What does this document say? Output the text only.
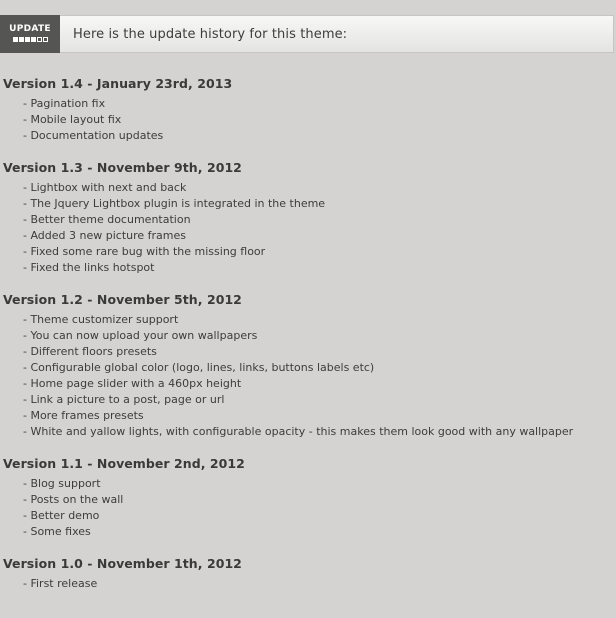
UPDATE	Here is the update history for this theme:
Version 1.4 - January 23rd, 2013
- Pagination fix
- Mobile layout fix
- Documentation updates
Version 1.3 - November 9th, 2012
- Lightbox with next and back
- The Jquery Lightbox plugin is integrated in the theme
- Better theme documentation
- Added 3 new picture frames
- Fixed some rare bug with the missing floor
- Fixed the links hotspot
Version 1.2 - November 5th, 2012
- Theme customizer support
- You can now upload your own wallpapers
- Different floors presets
- Configurable global color (logo, lines, links, buttons labels etc)
- Home page slider with a 460px height
- Link a picture to a post, page or url
- More frames presets
- White and yallow lights, with configurable opacity - this makes them look good with any wallpaper
Version 1.1 - November 2nd, 2012
- Blog support
- Posts on the wall
- Better demo
- Some fixes
Version 1.0 - November 1th, 2012
- First release
